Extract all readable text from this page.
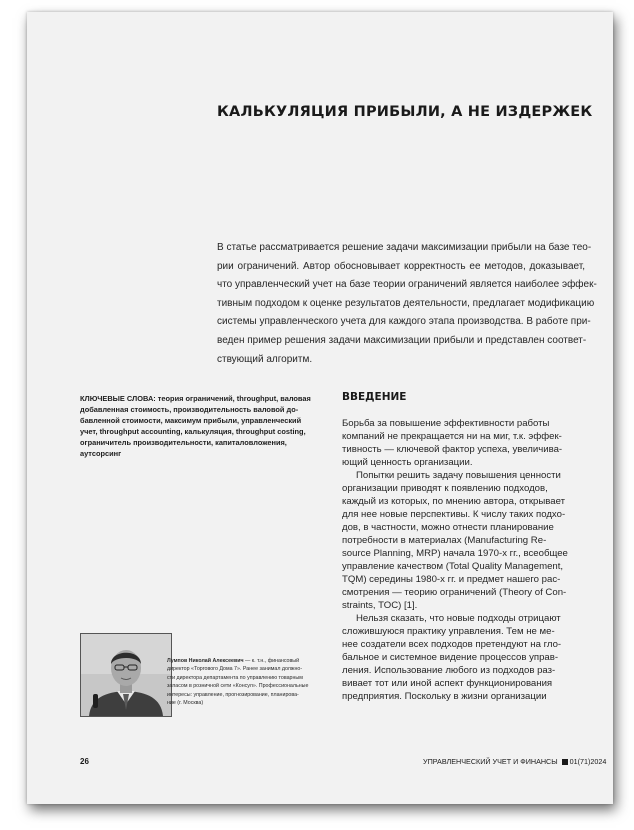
КАЛЬКУЛЯЦИЯ ПРИБЫЛИ, А НЕ ИЗДЕРЖЕК
В статье рассматривается решение задачи максимизации прибыли на базе тео-
рии ограничений. Автор обосновывает корректность ее методов, доказывает,
что управленческий учет на базе теории ограничений является наиболее эффек-
тивным подходом к оценке результатов деятельности, предлагает модификацию
системы управленческого учета для каждого этапа производства. В работе при-
веден пример решения задачи максимизации прибыли и представлен соответ-
ствующий алгоритм.
КЛЮЧЕВЫЕ СЛОВА: теория ограничений, throughput, валовая
добавленная стоимость, производительность валовой до-
бавленной стоимости, максимум прибыли, управленческий
учет, throughput accounting, калькуляция, throughput costing,
ограничитель производительности, капиталовложения,
аутсорсинг
ВВЕДЕНИЕ
Борьба за повышение эффективности работы
компаний не прекращается ни на миг, т.к. эффек-
тивность — ключевой фактор успеха, увеличива-
ющий ценность организации.
Попытки решить задачу повышения ценности
организации приводят к появлению подходов,
каждый из которых, по мнению автора, открывает
для нее новые перспективы. К числу таких подхо-
дов, в частности, можно отнести планирование
потребности в материалах (Manufacturing Re-
source Planning, MRP) начала 1970-х гг., всеобщее
управление качеством (Total Quality Management,
TQM) середины 1980-х гг. и предмет нашего рас-
смотрения — теорию ограничений (Theory of Con-
straints, TOC) [1].
Нельзя сказать, что новые подходы отрицают
сложившуюся практику управления. Тем не ме-
нее создатели всех подходов претендуют на гло-
бальное и системное видение процессов управ-
ления. Использование любого из подходов раз-
вивает тот или иной аспект функционирования
предприятия. Поскольку в жизни организации
Лумпов Николай Алексеевич — к. т.н., финансовый
директор «Торгового Дома 7». Ранее занимал должно-
сти директора департамента по управлению товарным
запасом в розничной сети «Консул». Профессиональные
интересы: управление, прогнозирование, планирова-
ние (г. Москва)
26	УПРАВЛЕНЧЕСКИЙ УЧЕТ И ФИНАНСЫ 01(71)2024
